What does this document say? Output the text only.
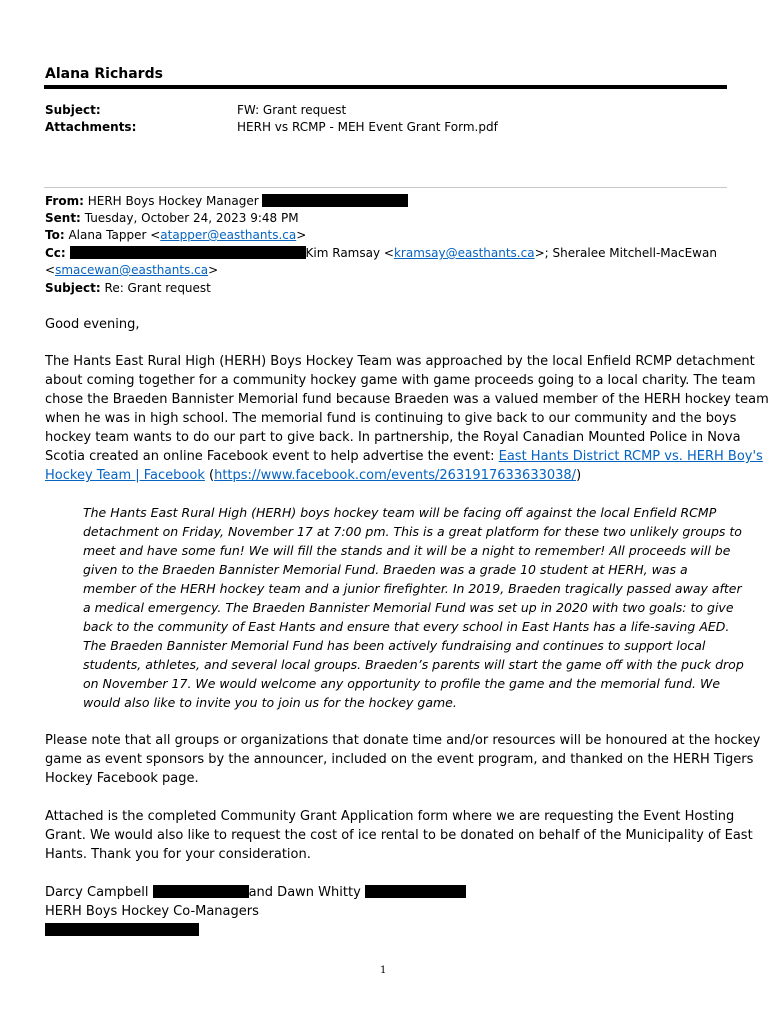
Alana Richards
Subject:	FW: Grant request
Attachments:	HERH vs RCMP - MEH Event Grant Form.pdf
From: HERH Boys Hockey Manager
Sent: Tuesday, October 24, 2023 9:48 PM
To: Alana Tapper <atapper@easthants.ca>
Cc:	Kim Ramsay <kramsay@easthants.ca>; Sheralee Mitchell-MacEwan
<smacewan@easthants.ca>
Subject: Re: Grant request
Good evening,
The Hants East Rural High (HERH) Boys Hockey Team was approached by the local Enfield RCMP detachment
about coming together for a community hockey game with game proceeds going to a local charity. The team
chose the Braeden Bannister Memorial fund because Braeden was a valued member of the HERH hockey team
when he was in high school. The memorial fund is continuing to give back to our community and the boys
hockey team wants to do our part to give back. In partnership, the Royal Canadian Mounted Police in Nova
Scotia created an online Facebook event to help advertise the event: East Hants District RCMP vs. HERH Boy's
Hockey Team | Facebook (https://www.facebook.com/events/2631917633633038/)
The Hants East Rural High (HERH) boys hockey team will be facing off against the local Enfield RCMP
detachment on Friday, November 17 at 7:00 pm. This is a great platform for these two unlikely groups to
meet and have some fun! We will fill the stands and it will be a night to remember! All proceeds will be
given to the Braeden Bannister Memorial Fund. Braeden was a grade 10 student at HERH, was a
member of the HERH hockey team and a junior firefighter. In 2019, Braeden tragically passed away after
a medical emergency. The Braeden Bannister Memorial Fund was set up in 2020 with two goals: to give
back to the community of East Hants and ensure that every school in East Hants has a life-saving AED.
The Braeden Bannister Memorial Fund has been actively fundraising and continues to support local
students, athletes, and several local groups. Braeden’s parents will start the game off with the puck drop
on November 17. We would welcome any opportunity to profile the game and the memorial fund. We
would also like to invite you to join us for the hockey game.
Please note that all groups or organizations that donate time and/or resources will be honoured at the hockey
game as event sponsors by the announcer, included on the event program, and thanked on the HERH Tigers
Hockey Facebook page.
Attached is the completed Community Grant Application form where we are requesting the Event Hosting
Grant. We would also like to request the cost of ice rental to be donated on behalf of the Municipality of East
Hants. Thank you for your consideration.
Darcy Campbell	and Dawn Whitty
HERH Boys Hockey Co-Managers
1
